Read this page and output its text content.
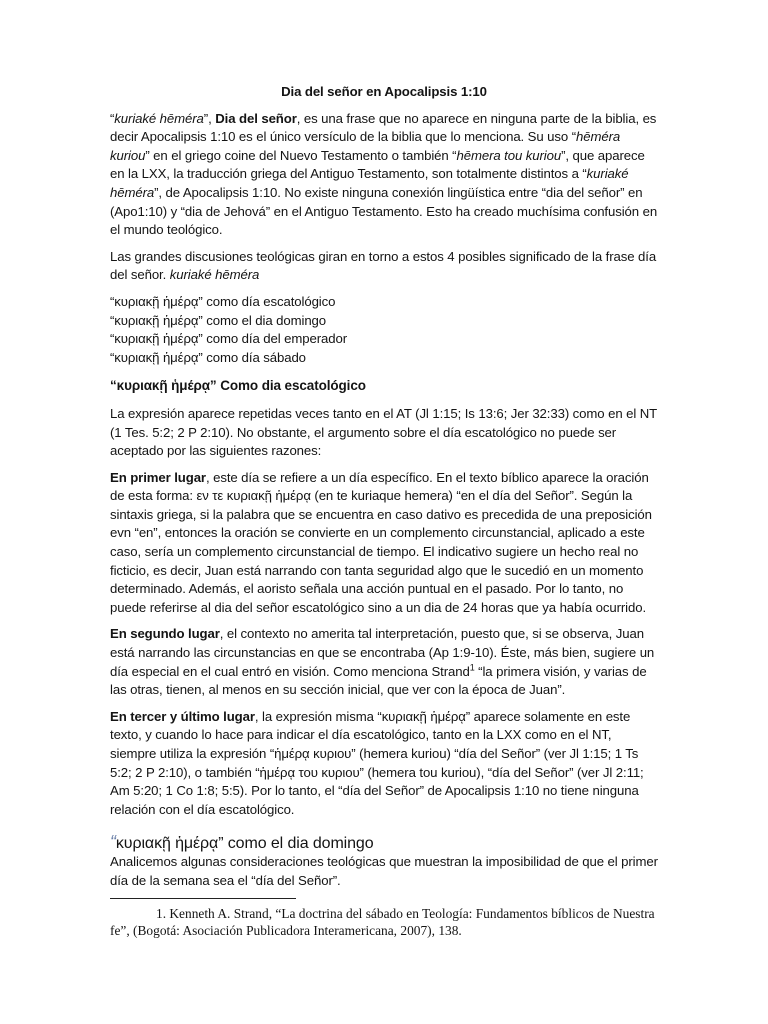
Dia del señor en Apocalipsis 1:10

“kuriaké hēméra”, Dia del señor, es una frase que no aparece en ninguna parte de la biblia, es decir Apocalipsis 1:10 es el único versículo de la biblia que lo menciona. Su uso “hēméra kuriou” en el griego coine del Nuevo Testamento o también “hēmera tou kuriou”, que aparece en la LXX, la traducción griega del Antiguo Testamento, son totalmente distintos a “kuriaké hēméra”, de Apocalipsis 1:10. No existe ninguna conexión lingüística entre “dia del señor” en (Apo1:10) y “dia de Jehová” en el Antiguo Testamento. Esto ha creado muchísima confusión en el mundo teológico.

Las grandes discusiones teológicas giran en torno a estos 4 posibles significado de la frase día del señor. kuriaké hēméra

“κυριακῇ ἡμέρᾳ” como día escatológico
“κυριακῇ ἡμέρᾳ” como el dia domingo
“κυριακῇ ἡμέρᾳ” como día del emperador
“κυριακῇ ἡμέρᾳ” como día sábado
“κυριακῇ ἡμέρᾳ” Como dia escatológico

La expresión aparece repetidas veces tanto en el AT (Jl 1:15; Is 13:6; Jer 32:33) como en el NT (1 Tes. 5:2; 2 P 2:10). No obstante, el argumento sobre el día escatológico no puede ser aceptado por las siguientes razones:

En primer lugar, este día se refiere a un día específico. En el texto bíblico aparece la oración de esta forma: εν τε κυριακῇ ἡμέρᾳ (en te kuriaque hemera) “en el día del Señor”. Según la sintaxis griega, si la palabra que se encuentra en caso dativo es precedida de una preposición evn “en”, entonces la oración se convierte en un complemento circunstancial, aplicado a este caso, sería un complemento circunstancial de tiempo. El indicativo sugiere un hecho real no ficticio, es decir, Juan está narrando con tanta seguridad algo que le sucedió en un momento determinado. Además, el aoristo señala una acción puntual en el pasado. Por lo tanto, no puede referirse al dia del señor escatológico sino a un dia de 24 horas que ya había ocurrido.

En segundo lugar, el contexto no amerita tal interpretación, puesto que, si se observa, Juan está narrando las circunstancias en que se encontraba (Ap 1:9-10). Éste, más bien, sugiere un día especial en el cual entró en visión. Como menciona Strand$^1$ “la primera visión, y varias de las otras, tienen, al menos en su sección inicial, que ver con la época de Juan”.

En tercer y último lugar, la expresión misma “κυριακῇ ἡμέρᾳ” aparece solamente en este texto, y cuando lo hace para indicar el día escatológico, tanto en la LXX como en el NT, siempre utiliza la expresión “ἡμέρᾳ κυριου” (hemera kuriou) “día del Señor” (ver Jl 1:15; 1 Ts 5:2; 2 P 2:10), o también “ἡμέρᾳ του κυριου” (hemera tou kuriou), “día del Señor” (ver Jl 2:11; Am 5:20; 1 Co 1:8; 5:5). Por lo tanto, el “día del Señor” de Apocalipsis 1:10 no tiene ninguna relación con el día escatológico.

“κυριακῇ ἡμέρᾳ” como el dia domingo

Analicemos algunas consideraciones teológicas que muestran la imposibilidad de que el primer día de la semana sea el “día del Señor”.

1. Kenneth A. Strand, “La doctrina del sábado en Teología: Fundamentos bíblicos de Nuestra fe”, (Bogotá: Asociación Publicadora Interamericana, 2007), 138.
